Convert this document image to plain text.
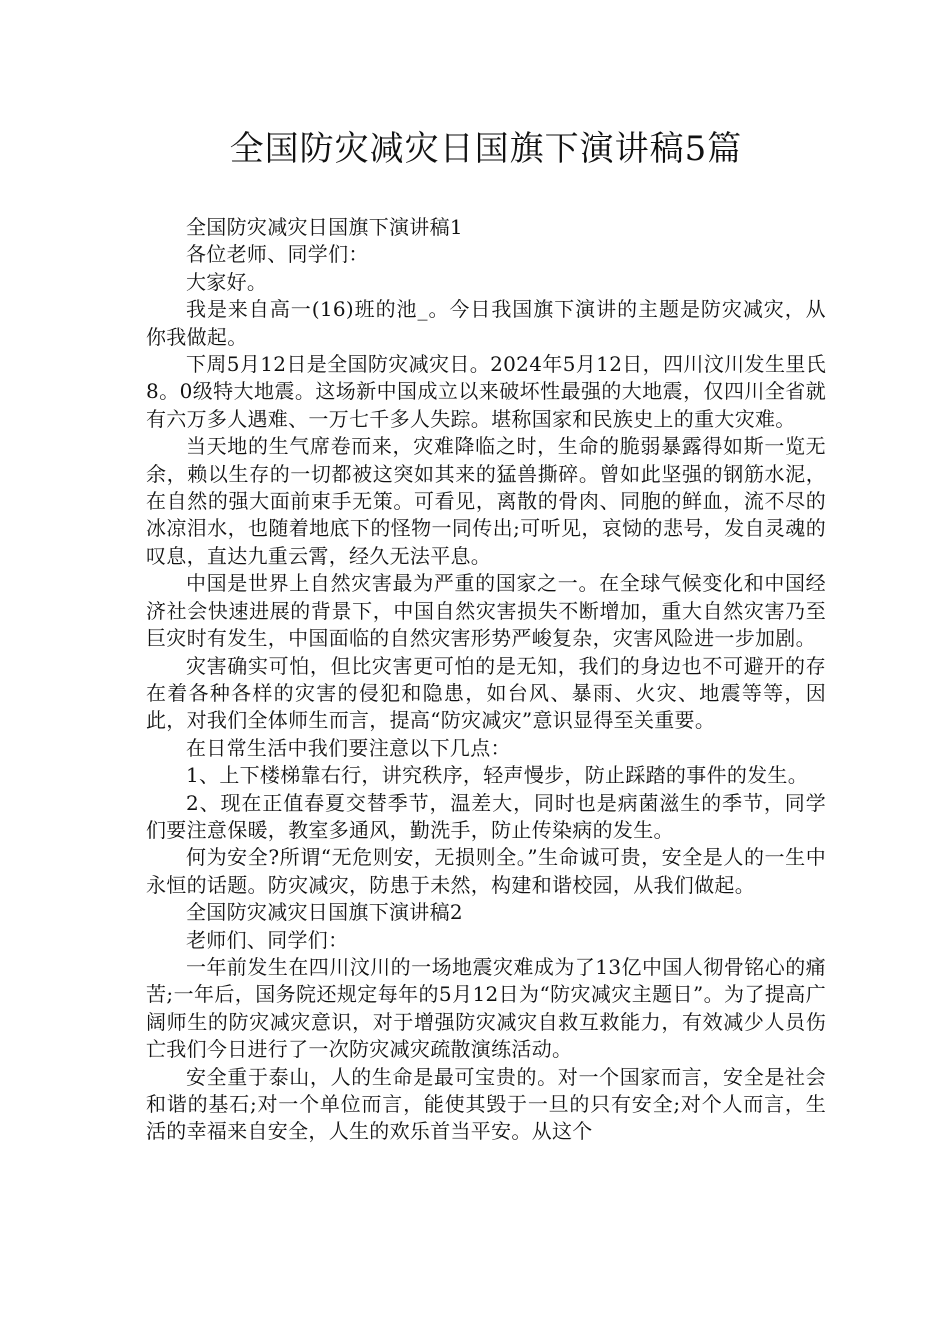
全国防灾减灾日国旗下演讲稿5篇

全国防灾减灾日国旗下演讲稿1

各位老师、同学们：

大家好。

我是来自高一(16)班的池_。今日我国旗下演讲的主题是防灾减灾，从你我做起。

下周5月12日是全国防灾减灾日。2024年5月12日，四川汶川发生里氏8。0级特大地震。这场新中国成立以来破坏性最强的大地震，仅四川全省就有六万多人遇难、一万七千多人失踪。堪称国家和民族史上的重大灾难。

当天地的生气席卷而来，灾难降临之时，生命的脆弱暴露得如斯一览无余，赖以生存的一切都被这突如其来的猛兽撕碎。曾如此坚强的钢筋水泥，在自然的强大面前束手无策。可看见，离散的骨肉、同胞的鲜血，流不尽的冰凉泪水，也随着地底下的怪物一同传出;可听见，哀恸的悲号，发自灵魂的叹息，直达九重云霄，经久无法平息。

中国是世界上自然灾害最为严重的国家之一。在全球气候变化和中国经济社会快速进展的背景下，中国自然灾害损失不断增加，重大自然灾害乃至巨灾时有发生，中国面临的自然灾害形势严峻复杂，灾害风险进一步加剧。

灾害确实可怕，但比灾害更可怕的是无知，我们的身边也不可避开的存在着各种各样的灾害的侵犯和隐患，如台风、暴雨、火灾、地震等等，因此，对我们全体师生而言，提高“防灾减灾”意识显得至关重要。

在日常生活中我们要注意以下几点：

1、上下楼梯靠右行，讲究秩序，轻声慢步，防止踩踏的事件的发生。

2、现在正值春夏交替季节，温差大，同时也是病菌滋生的季节，同学们要注意保暖，教室多通风，勤洗手，防止传染病的发生。

何为安全?所谓“无危则安，无损则全。”生命诚可贵，安全是人的一生中永恒的话题。防灾减灾，防患于未然，构建和谐校园，从我们做起。

全国防灾减灾日国旗下演讲稿2

老师们、同学们：

一年前发生在四川汶川的一场地震灾难成为了13亿中国人彻骨铭心的痛苦;一年后，国务院还规定每年的5月12日为“防灾减灾主题日”。为了提高广阔师生的防灾减灾意识，对于增强防灾减灾自救互救能力，有效减少人员伤亡我们今日进行了一次防灾减灾疏散演练活动。

安全重于泰山，人的生命是最可宝贵的。对一个国家而言，安全是社会和谐的基石;对一个单位而言，能使其毁于一旦的只有安全;对个人而言，生活的幸福来自安全，人生的欢乐首当平安。从这个
